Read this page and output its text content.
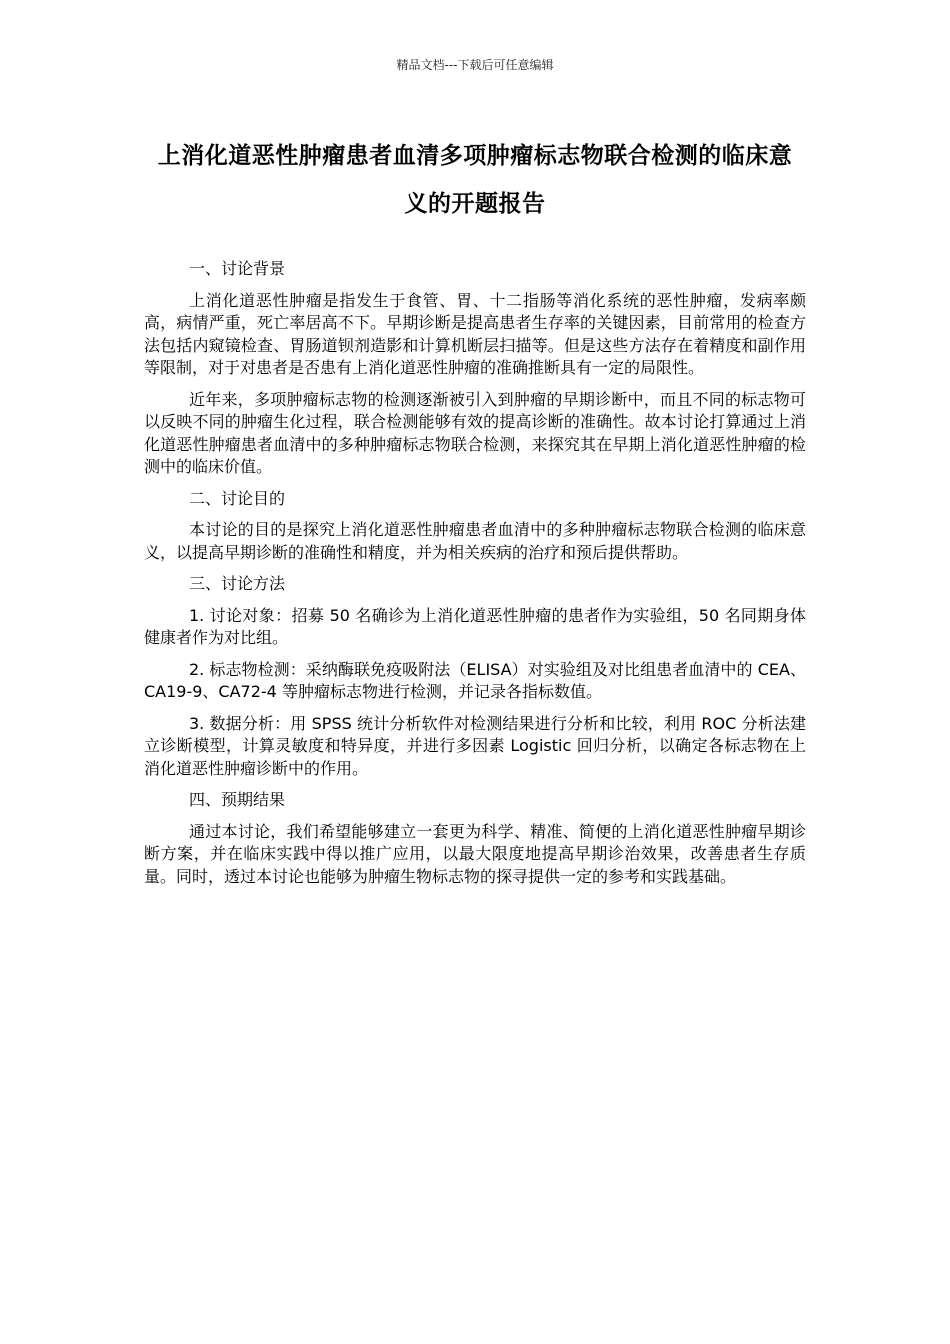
精品文档---下载后可任意编辑
上消化道恶性肿瘤患者血清多项肿瘤标志物联合检测的临床意义的开题报告
一、讨论背景

上消化道恶性肿瘤是指发生于食管、胃、十二指肠等消化系统的恶性肿瘤，发病率颇高，病情严重，死亡率居高不下。早期诊断是提高患者生存率的关键因素，目前常用的检查方法包括内窥镜检查、胃肠道钡剂造影和计算机断层扫描等。但是这些方法存在着精度和副作用等限制，对于对患者是否患有上消化道恶性肿瘤的准确推断具有一定的局限性。

近年来，多项肿瘤标志物的检测逐渐被引入到肿瘤的早期诊断中，而且不同的标志物可以反映不同的肿瘤生化过程，联合检测能够有效的提高诊断的准确性。故本讨论打算通过上消化道恶性肿瘤患者血清中的多种肿瘤标志物联合检测，来探究其在早期上消化道恶性肿瘤的检测中的临床价值。

二、讨论目的

本讨论的目的是探究上消化道恶性肿瘤患者血清中的多种肿瘤标志物联合检测的临床意义，以提高早期诊断的准确性和精度，并为相关疾病的治疗和预后提供帮助。

三、讨论方法

1. 讨论对象：招募 50 名确诊为上消化道恶性肿瘤的患者作为实验组，50 名同期身体健康者作为对比组。

2. 标志物检测：采纳酶联免疫吸附法（ELISA）对实验组及对比组患者血清中的 CEA、CA19-9、CA72-4 等肿瘤标志物进行检测，并记录各指标数值。

3. 数据分析：用 SPSS 统计分析软件对检测结果进行分析和比较，利用 ROC 分析法建立诊断模型，计算灵敏度和特异度，并进行多因素 Logistic 回归分析，以确定各标志物在上消化道恶性肿瘤诊断中的作用。

四、预期结果

通过本讨论，我们希望能够建立一套更为科学、精准、简便的上消化道恶性肿瘤早期诊断方案，并在临床实践中得以推广应用，以最大限度地提高早期诊治效果，改善患者生存质量。同时，透过本讨论也能够为肿瘤生物标志物的探寻提供一定的参考和实践基础。
